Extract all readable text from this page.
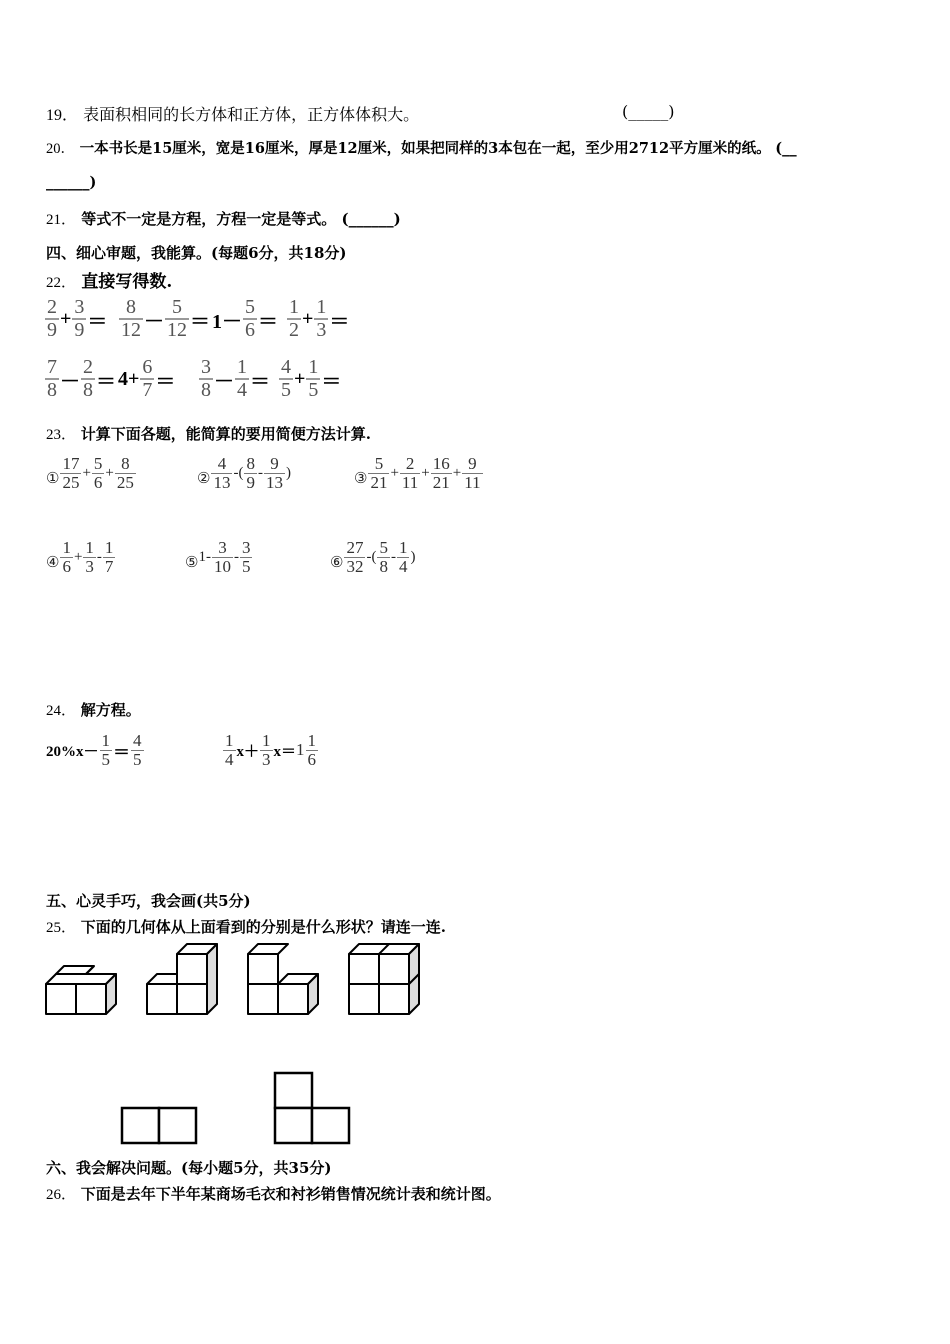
19． 表面积相同的长方体和正方体，正方体体积大。	(_____)
20． 一本书长是15厘米，宽是16厘米，厚是12厘米，如果把同样的3本包在一起，至少用2712平方厘米的纸。 (__
______)
21． 等式不一定是方程，方程一定是等式。 (______)
四、细心审题，我能算。(每题6分，共18分)
22． 直接写得数.
2
9
+
3
9 ＝
8
12 －
5
12 ＝ 1－
5
6 ＝
1
2
+
1
3 ＝
7
8 －
2
8 ＝ 4+
6
7 ＝
3
8 －
1
4 ＝
4
5
+
1
5 ＝
23． 计算下面各题，能简算的要用简便方法计算.
①
17
25 + 5
6 + 8
25	②
4
13 - ( 8
9 - 9
13 )	③
5
21 + 2
11 + 16
21 + 9
11
④
1
6 + 1
3 - 1
7	⑤ 1- 3
10 - 3
5	⑥
27
32 - ( 5
8 - 1
4 )
24． 解方程。
20%x－
1
5 ＝
4
5
1
4 x＋
1
3 x＝ 1 1
6
五、心灵手巧，我会画(共5分)
25． 下面的几何体从上面看到的分别是什么形状？请连一连.
六、我会解决问题。(每小题5分，共35分)
26． 下面是去年下半年某商场毛衣和衬衫销售情况统计表和统计图。
